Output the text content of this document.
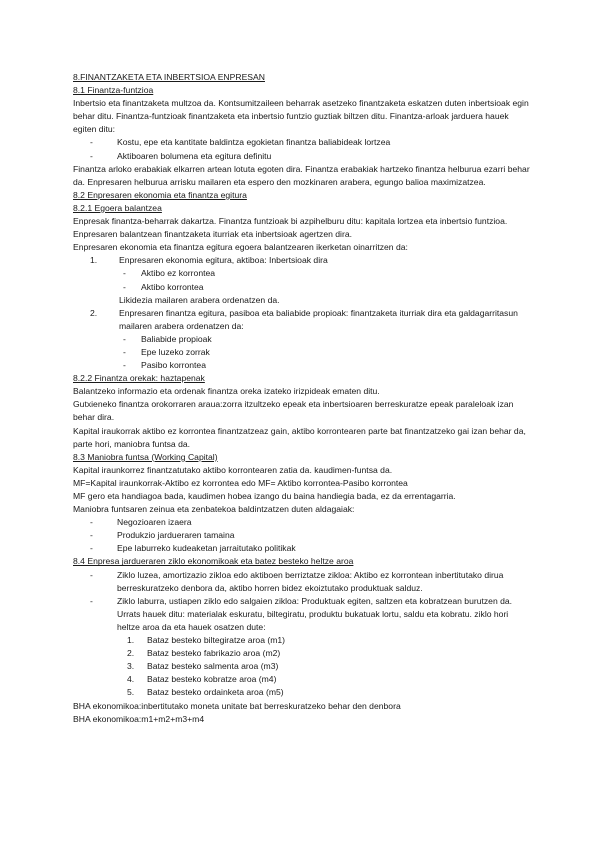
8.FINANTZAKETA ETA INBERTSIOA ENPRESAN

8.1 Finantza-funtzioa

Inbertsio eta finantzaketa multzoa da. Kontsumitzaileen beharrak asetzeko finantzaketa eskatzen duten inbertsioak egin behar ditu. Finantza-funtzioak finantzaketa eta inbertsio funtzio guztiak biltzen ditu. Finantza-arloak jarduera hauek egiten ditu:

-	Kostu, epe eta kantitate baldintza egokietan finantza baliabideak lortzea
-	Aktiboaren bolumena eta egitura definitu

Finantza arloko erabakiak elkarren artean lotuta egoten dira. Finantza erabakiak hartzeko finantza helburua ezarri behar da. Enpresaren helburua arrisku mailaren eta espero den mozkinaren arabera, egungo balioa maximizatzea.

8.2 Enpresaren ekonomia eta finantza egitura

8.2.1 Egoera balantzea

Enpresak finantza-beharrak dakartza. Finantza funtzioak bi azpihelburu ditu: kapitala lortzea eta inbertsio funtzioa. Enpresaren balantzean finantzaketa iturriak eta inbertsioak agertzen dira.

Enpresaren ekonomia eta finantza egitura egoera balantzearen ikerketan oinarritzen da:

1.	Enpresaren ekonomia egitura, aktiboa: Inbertsioak dira
-	Aktibo ez korrontea
-	Aktibo korrontea

Likidezia mailaren arabera ordenatzen da.

2.	Enpresaren finantza egitura, pasiboa eta baliabide propioak: finantzaketa iturriak dira eta galdagarritasun mailaren arabera ordenatzen da:
-	Baliabide propioak
-	Epe luzeko zorrak
-	Pasibo korrontea

8.2.2 Finantza orekak: haztapenak

Balantzeko informazio eta ordenak finantza oreka izateko irizpideak ematen ditu.

Gutxieneko finantza orokorraren araua:zorra itzultzeko epeak eta inbertsioaren berreskuratze epeak paraleloak izan behar dira.

Kapital iraukorrak aktibo ez korrontea finantzatzeaz gain, aktibo korrontearen parte bat finantzatzeko gai izan behar da, parte hori, maniobra funtsa da.

8.3 Maniobra funtsa (Working Capital)

Kapital iraunkorrez finantzatutako aktibo korrontearen zatia da. kaudimen-funtsa da.

MF=Kapital iraunkorrak-Aktibo ez korrontea edo MF= Aktibo korrontea-Pasibo korrontea

MF gero eta handiagoa bada, kaudimen hobea izango du baina handiegia bada, ez da errentagarria.

Maniobra funtsaren zeinua eta zenbatekoa baldintzatzen duten aldagaiak:

-	Negozioaren izaera
-	Produkzio jardueraren tamaina
-	Epe laburreko kudeaketan jarraitutako politikak

8.4 Enpresa jardueraren ziklo ekonomikoak eta batez besteko heltze aroa

-	Ziklo luzea, amortizazio zikloa edo aktiboen berriztatze zikloa: Aktibo ez korrontean inbertitutako dirua berreskuratzeko denbora da, aktibo horren bidez ekoiztutako produktuak salduz.
-	Ziklo laburra, ustiapen ziklo edo salgaien zikloa: Produktuak egiten, saltzen eta kobratzean burutzen da. Urrats hauek ditu: materialak eskuratu, biltegiratu, produktu bukatuak lortu, saldu eta kobratu. ziklo hori heltze aroa da eta hauek osatzen dute:
1.	Bataz besteko biltegiratze aroa (m1)
2.	Bataz besteko fabrikazio aroa (m2)
3.	Bataz besteko salmenta aroa (m3)
4.	Bataz besteko kobratze aroa (m4)
5.	Bataz besteko ordainketa aroa (m5)

BHA ekonomikoa:inbertitutako moneta unitate bat berreskuratzeko behar den denbora

BHA ekonomikoa:m1+m2+m3+m4
